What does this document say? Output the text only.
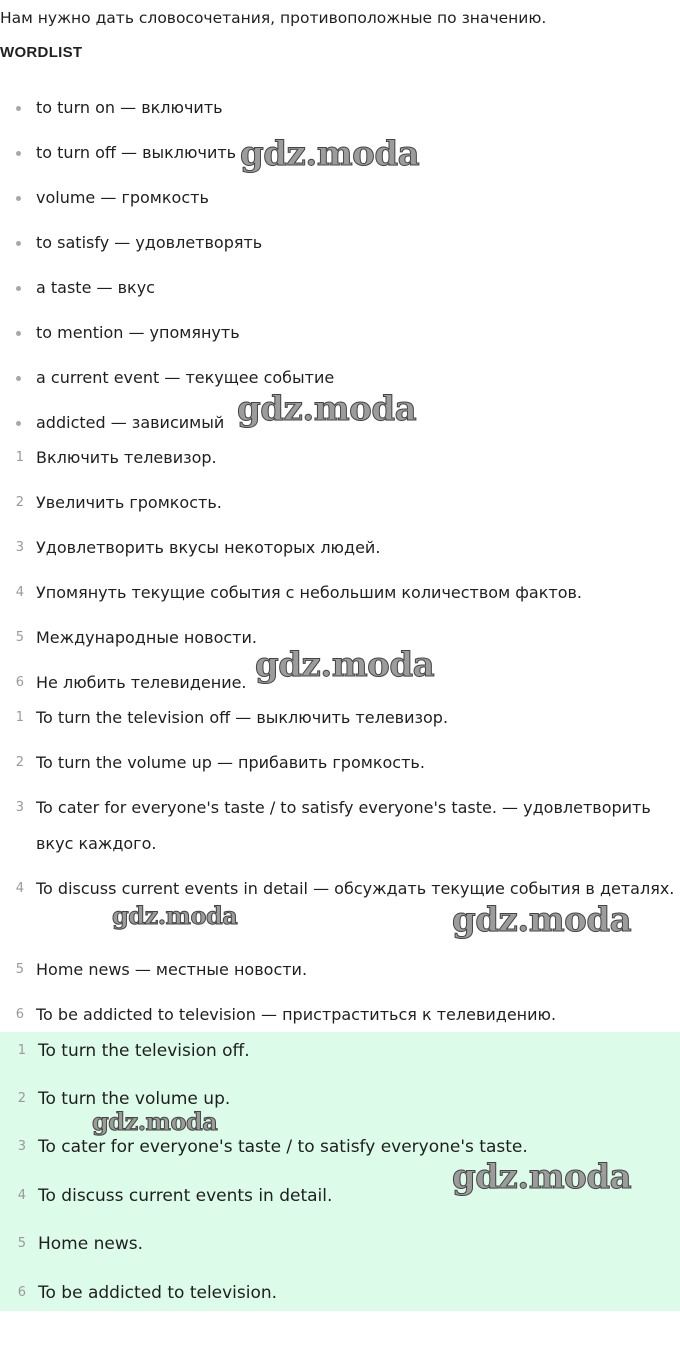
Нам нужно дать словосочетания, противоположные по значению.
WORDLIST
to turn on — включить
to turn off — выключить
volume — громкость
to satisfy — удовлетворять
a taste — вкус
to mention — упомянуть
a current event — текущее событие
addicted — зависимый
1 Включить телевизор.
2 Увеличить громкость.
3 Удовлетворить вкусы некоторых людей.
4 Упомянуть текущие события с небольшим количеством фактов.
5 Международные новости.
6 Не любить телевидение.
1 To turn the television off — выключить телевизор.
2 To turn the volume up — прибавить громкость.
3 To cater for everyone's taste / to satisfy everyone's taste. — удовлетворить вкус каждого.
4 To discuss current events in detail — обсуждать текущие события в деталях.
5 Home news — местные новости.
6 To be addicted to television — пристраститься к телевидению.
1 To turn the television off.
2 To turn the volume up.
3 To cater for everyone's taste / to satisfy everyone's taste.
4 To discuss current events in detail.
5 Home news.
6 To be addicted to television.
gdz.moda
gdz.moda
gdz.moda
gdz.moda	gdz.moda
gdz.moda
gdz.moda
